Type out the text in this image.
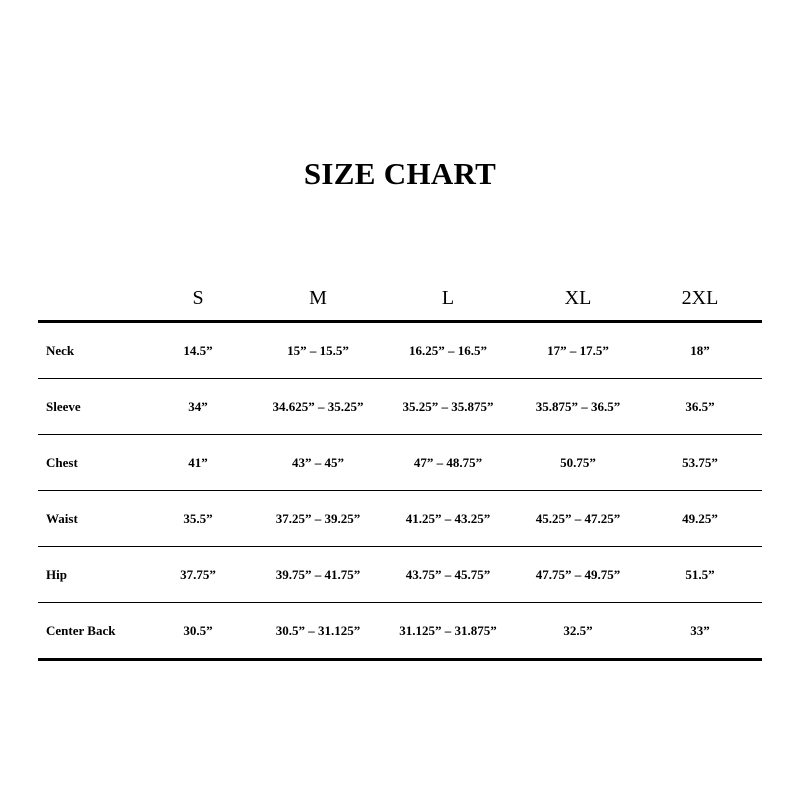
SIZE CHART
	S	M	L	XL	2XL
Neck	14.5”	15” – 15.5”	16.25” – 16.5”	17” – 17.5”	18”
Sleeve	34”	34.625” – 35.25”	35.25” – 35.875”	35.875” – 36.5”	36.5”
Chest	41”	43” – 45”	47” – 48.75”	50.75”	53.75”
Waist	35.5”	37.25” – 39.25”	41.25” – 43.25”	45.25” – 47.25”	49.25”
Hip	37.75”	39.75” – 41.75”	43.75” – 45.75”	47.75” – 49.75”	51.5”
Center Back	30.5”	30.5” – 31.125”	31.125” – 31.875”	32.5”	33”
